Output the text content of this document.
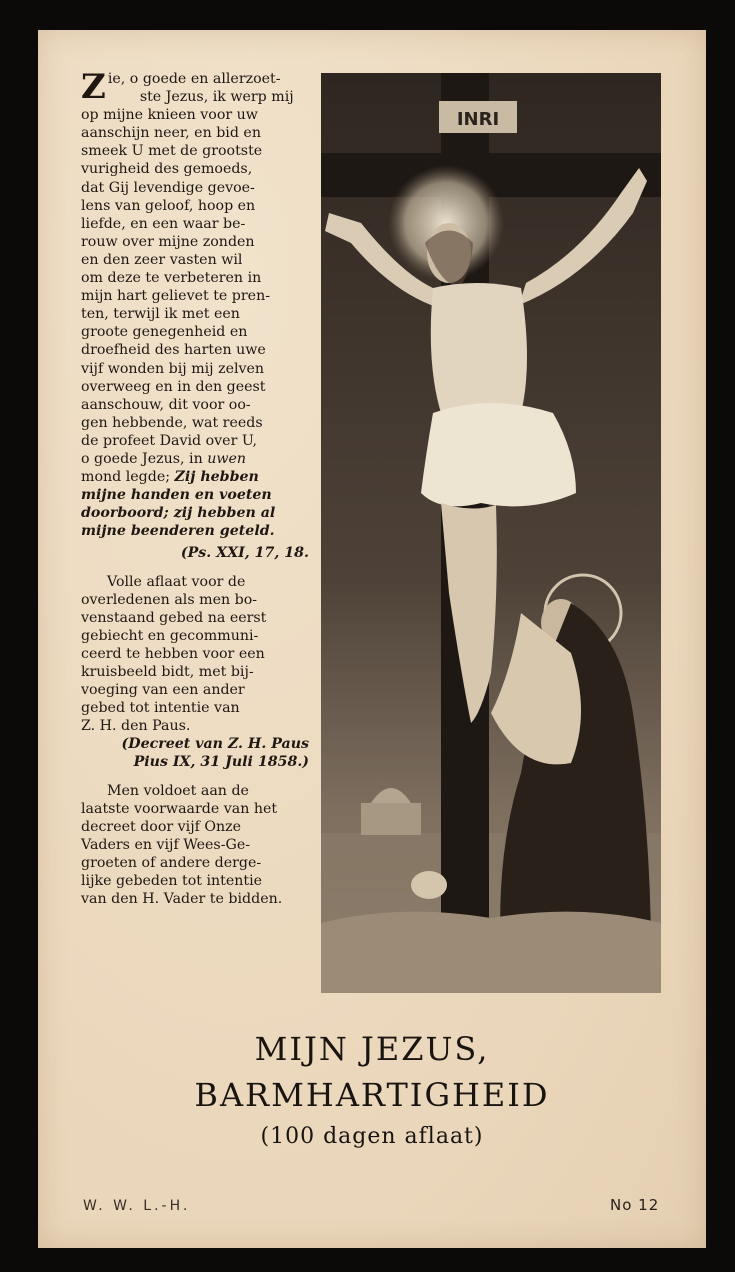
Z ie, o goede en allerzoet-
ste Jezus, ik werp mij
op mijne knieen voor uw
aanschijn neer, en bid en
smeek U met de grootste
vurigheid des gemoeds,
dat Gij levendige gevoe-
lens van geloof, hoop en
liefde, en een waar be-
rouw over mijne zonden
en den zeer vasten wil
om deze te verbeteren in
mijn hart gelievet te pren-
ten, terwijl ik met een
groote genegenheid en
droefheid des harten uwe
vijf wonden bij mij zelven
overweeg en in den geest
aanschouw, dit voor oo-
gen hebbende, wat reeds
de profeet David over U,
o goede Jezus, in uwen
mond legde; Zij hebben
mijne handen en voeten
doorboord; zij hebben al
mijne beenderen geteld.

(Ps. XXI, 17, 18.

Volle aflaat voor de
overledenen als men bo-
venstaand gebed na eerst
gebiecht en gecommuni-
ceerd te hebben voor een
kruisbeeld bidt, met bij-
voeging van een ander
gebed tot intentie van
Z. H. den Paus.

(Decreet van Z. H. Paus
Pius IX, 31 Juli 1858.)

Men voldoet aan de
laatste voorwaarde van het
decreet door vijf Onze
Vaders en vijf Wees-Ge-
groeten of andere derge-
lijke gebeden tot intentie
van den H. Vader te bidden.

INRI
MIJN JEZUS,
BARMHARTIGHEID
(100 dagen aflaat)
W. W. L.-H.	No 12
